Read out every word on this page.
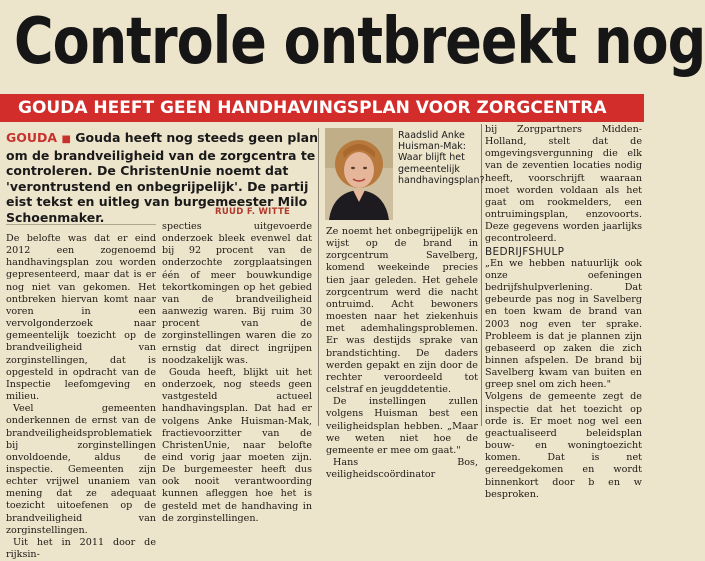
Controle ontbreekt nog
GOUDA HEEFT GEEN HANDHAVINGSPLAN VOOR ZORGCENTRA

GOUDA ■ Gouda heeft nog steeds geen plan om de brandveiligheid van de zorgcentra te controleren. De ChristenUnie noemt dat 'verontrustend en onbegrijpelijk'. De partij eist tekst en uitleg van burgemeester Milo Schoenmaker.	RUUD F. WITTE

De belofte was dat er eind 2012 een zogenoemd handhavingsplan zou worden gepresenteerd, maar dat is er nog niet van gekomen. Het ontbreken hiervan komt naar voren in een vervolgonderzoek naar gemeentelijk toezicht op de brandveiligheid van zorginstellingen, dat is opgesteld in opdracht van de Inspectie leefomgeving en milieu.

Veel gemeenten onderkennen de ernst van de brandveiligheidsproblematiek bij zorginstellingen onvoldoende, aldus de inspectie. Gemeenten zijn echter vrijwel unaniem van mening dat ze adequaat toezicht uitoefenen op de brandveiligheid van zorginstellingen.

Uit het in 2011 door de rijksin-

specties uitgevoerde onderzoek bleek evenwel dat bij 92 procent van de onderzochte zorgplaatsingen één of meer bouwkundige tekortkomingen op het gebied van de brandveiligheid aanwezig waren. Bij ruim 30 procent van de zorginstellingen waren die zo ernstig dat direct ingrijpen noodzakelijk was.

Gouda heeft, blijkt uit het onderzoek, nog steeds geen vastgesteld actueel handhavingsplan. Dat had er volgens Anke Huisman-Mak, fractievoorzitter van de ChristenUnie, naar belofte eind vorig jaar moeten zijn. De burgemeester heeft dus ook nooit verantwoording kunnen afleggen hoe het is gesteld met de handhaving in de zorginstellingen.

Raadslid Anke Huisman-Mak: Waar blijft het gemeentelijk handhavingsplan?

Ze noemt het onbegrijpelijk en wijst op de brand in zorgcentrum Savelberg, komend weekeinde precies tien jaar geleden. Het gehele zorgcentrum werd die nacht ontruimd. Acht bewoners moesten naar het ziekenhuis met ademhalingsproblemen. Er was destijds sprake van brandstichting. De daders werden gepakt en zijn door de rechter veroordeeld tot celstraf en jeugddetentie.

De instellingen zullen volgens Huisman best een veiligheidsplan hebben. „Maar we weten niet hoe de gemeente er mee om gaat."

Hans Bos, veiligheidscoördinator

bij Zorgpartners Midden-Holland, stelt dat de omgevingsvergunning die elk van de zeventien locaties nodig heeft, voorschrijft waaraan moet worden voldaan als het gaat om rookmelders, een ontruimingsplan, enzovoorts. Deze gegevens worden jaarlijks gecontroleerd.

BEDRIJFSHULP

„En we hebben natuurlijk ook onze oefeningen bedrijfshulpverlening. Dat gebeurde pas nog in Savelberg en toen kwam de brand van 2003 nog even ter sprake. Probleem is dat je plannen zijn gebaseerd op zaken die zich binnen afspelen. De brand bij Savelberg kwam van buiten en greep snel om zich heen."

Volgens de gemeente zegt de inspectie dat het toezicht op orde is. Er moet nog wel een geactualiseerd beleidsplan bouw- en woningtoezicht komen. Dat is net gereedgekomen en wordt binnenkort door b en w besproken.
